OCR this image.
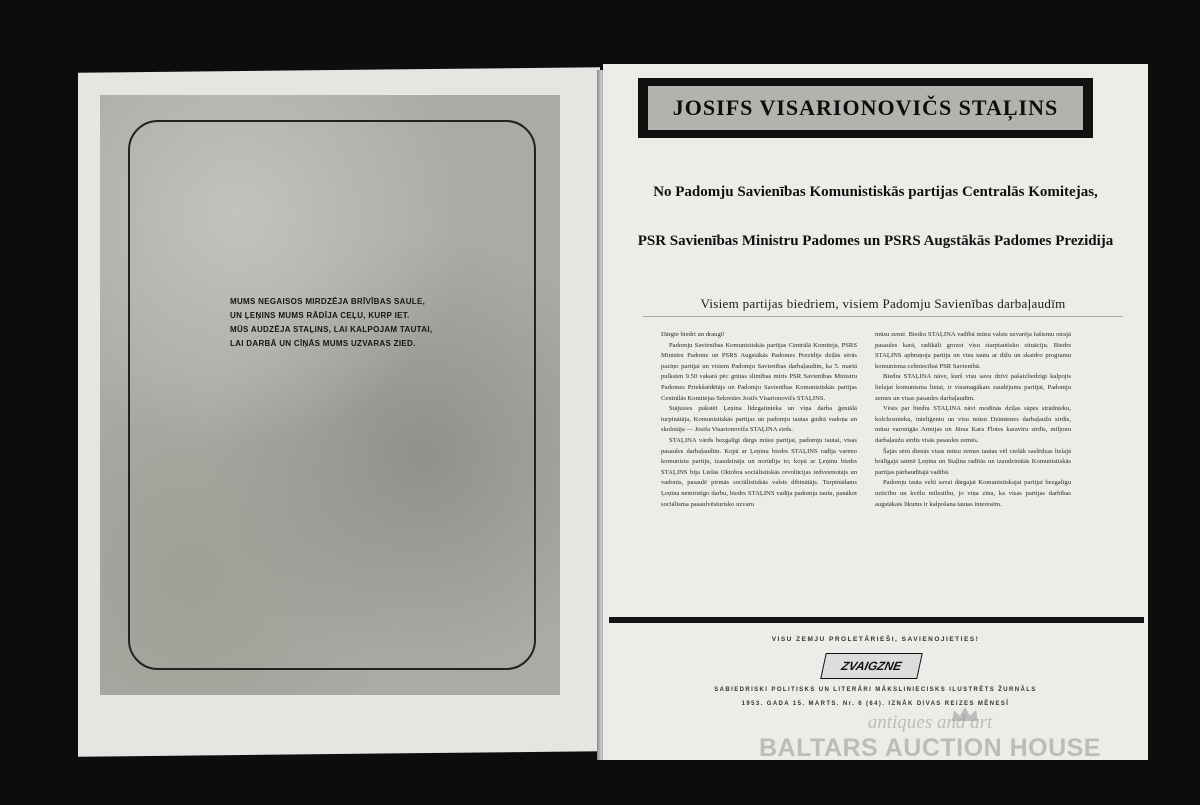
MUMS NEGAISOS MIRDZĒJA BRĪVĪBAS SAULE,
UN ĻEŅINS MUMS RĀDĪJA CEĻU, KURP IET.
MŪS AUDZĒJA STAĻINS, LAI KALPOJAM TAUTAI,
LAI DARBĀ UN CĪŅĀS MUMS UZVARAS ZIED.
JOSIFS VISARIONOVIČS STAĻINS
No Padomju Savienības Komunistiskās partijas Centralās Komitejas,
PSR Savienības Ministru Padomes un PSRS Augstākās Padomes Prezidija
Visiem partijas biedriem, visiem Padomju Savienības darbaļaudīm

Dārgie biedri un draugi!

Padomju Savienības Komunistiskās partijas Centrālā Komiteja, PSRS Ministru Padome un PSRS Augstākās Padomes Prezidijs dziļās sērās paziņo partijai un visiem Padomju Savienības darbaļaudīm, ka 5. martā pulksten 9.50 vakarā pēc grūtas slimības miris PSR Savienības Ministru Padomes Priekšsēdētājs un Padomju Savienības Komunistiskās partijas Centrālās Komitejas Sekretārs Josifs Visarionovičs STAĻINS.

Stājusies pukstēt Ļeņina līdzgaitnieka un viņa darba ģeniālā turpinātāja, Komunistiskās partijas un padomju tautas gudrā vadoņa un skolotāja — Josifa Visarionoviča STAĻINA sirds.

STAĻINA vārds bezgalīgi dārgs mūsu partijai, padomju tautai, visas pasaules darbaļaudīm. Kopā ar Ļeņinu biedrs STAĻINS radīja vareno komunistu partiju, izaudzināja un norūdīja to; kopā ar Ļeņinu biedrs STAĻINS bija Lielās Oktobra sociālistiskās revolūcijas iedvesmotājs un vadonis, pasaulē pirmās sociālistiskās valsts dibinātājs. Turpinādams Ļeņina nemirstīgo darbu, biedrs STAĻINS vadīja padomju tautu, panākot sociālisma pasaulvēsturisko uzvaru

mūsu zemē. Biedra STAĻINA vadībā mūsu valsts uzvarēja fašismu otrajā pasaules karā, radikāli grozot visu starptautisko situāciju. Biedrs STAĻINS apbruņoja partiju un visu tautu ar dižu un skaidro programu komunisma celtniecībai PSR Savienībā.

Biedra STAĻINA nāve, kurš visu savu dzīvi pašaizliedzīgi kalpojis lielajai komunisma lietai, ir vissmagākais zaudējums partijai, Padomju zemes un visas pasaules darbaļaudīm.

Vēsts par biedra STAĻINA nāvi modinās dziļas sāpes strādnieku, kolchoznieku, inteliģentu un visu mūsu Dzimtenes darbaļaužu sirdīs, mūsu varonīgās Armijas un Jūras Kara Flotes karavīru sirdīs, miljonu darbaļaužu sirdīs visās pasaules zemēs.

Šajās sēru dienās visas mūsu zemes tautas vēl ciešāk saslēdzas lielajā brālīgajā saimē Ļeņina un Staļina radītās un izaudzinātās Komunistiskās partijas pārbaudītajā vadībā.

Padomju tauta velti savai dārgajai Komunistiskajai partijai bezgalīgu uzticību un kvēlu mīlestību, jo viņa zina, ka visas partijas darbības augstākais likums ir kalpošana tautas interesēm.

VISU ZEMJU PROLETĀRIEŠI, SAVIENOJIETIES!
ZVAIGZNE
SABIEDRISKI POLITISKS UN LITERĀRI MĀKSLINIECISKS ILUSTRĒTS ŽURNĀLS
1953. GADA 15. MARTS. Nr. 6 (64). IZNĀK DIVAS REIZES MĒNESĪ
antiques and art
BALTARS AUCTION HOUSE
